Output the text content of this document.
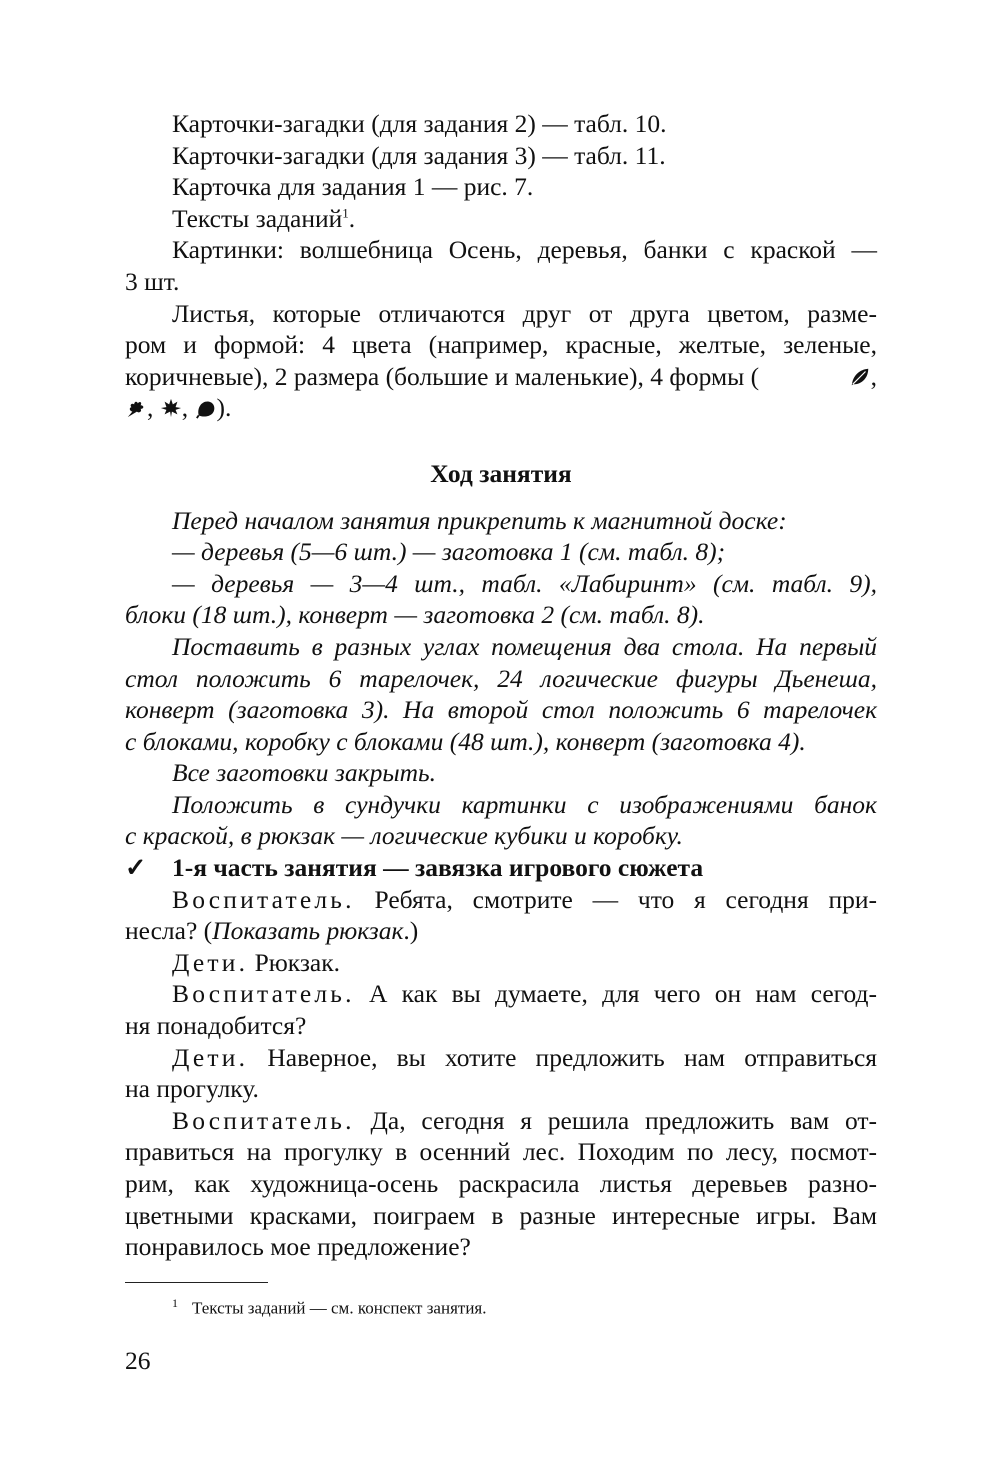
Карточки-загадки (для задания 2) — табл. 10.
Карточки-загадки (для задания 3) — табл. 11.
Карточка для задания 1 — рис. 7.
Тексты заданий$^1$.
Картинки: волшебница Осень, деревья, банки с краской —
3 шт.
Листья, которые отличаются друг от друга цветом, разме-
ром и формой: 4 цвета (например, красные, желтые, зеленые,
коричневые), 2 размера (большие и маленькие), 4 формы (	,
, , ).
Ход занятия
Перед началом занятия прикрепить к магнитной доске:
— деревья (5—6 шт.) — заготовка 1 (см. табл. 8);
— деревья — 3—4 шт., табл. «Лабиринт» (см. табл. 9),
блоки (18 шт.), конверт — заготовка 2 (см. табл. 8).
Поставить в разных углах помещения два стола. На первый
стол положить 6 тарелочек, 24 логические фигуры Дьенеша,
конверт (заготовка 3). На второй стол положить 6 тарелочек
с блоками, коробку с блоками (48 шт.), конверт (заготовка 4).
Все заготовки закрыть.
Положить в сундучки картинки с изображениями банок
с краской, в рюкзак — логические кубики и коробку.
✓ 1-я часть занятия — завязка игрового сюжета
Воспитатель. Ребята, смотрите — что я сегодня при-
несла? (Показать рюкзак.)
Дети. Рюкзак.
Воспитатель. А как вы думаете, для чего он нам сегод-
ня понадобится?
Дети. Наверное, вы хотите предложить нам отправиться
на прогулку.
Воспитатель. Да, сегодня я решила предложить вам от-
правиться на прогулку в осенний лес. Походим по лесу, посмот-
рим, как художница-осень раскрасила листья деревьев разно-
цветными красками, поиграем в разные интересные игры. Вам
понравилось мое предложение?
$^1$ Тексты заданий — см. конспект занятия.
26
